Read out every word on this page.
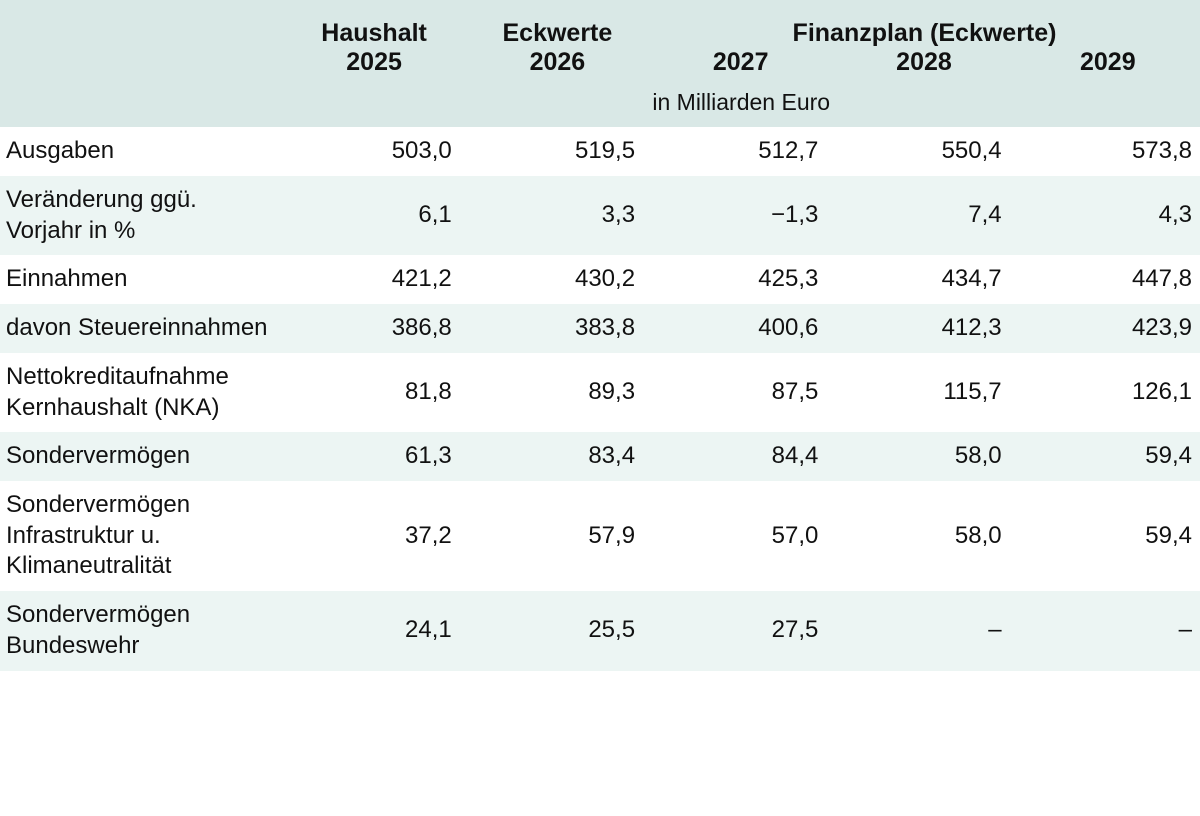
	Haushalt	Eckwerte	Finanzplan (Eckwerte)		
	2025	2026	2027	2028	2029
	in Milliarden Euro				
Ausgaben	503,0	519,5	512,7	550,4	573,8
Veränderung ggü. Vorjahr in %	6,1	3,3	−1,3	7,4	4,3
Einnahmen	421,2	430,2	425,3	434,7	447,8
davon Steuereinnahmen	386,8	383,8	400,6	412,3	423,9
Nettokreditaufnahme Kernhaushalt (NKA)	81,8	89,3	87,5	115,7	126,1
Sondervermögen	61,3	83,4	84,4	58,0	59,4
Sondervermögen Infrastruktur u. Klimaneutralität	37,2	57,9	57,0	58,0	59,4
Sondervermögen Bundeswehr	24,1	25,5	27,5	–	–
